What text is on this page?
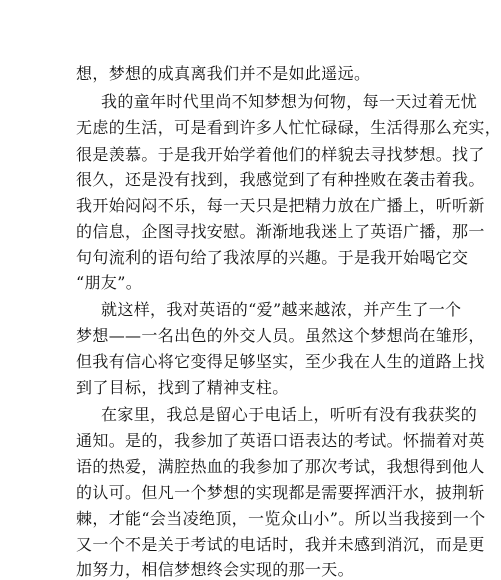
想，梦想的成真离我们并不是如此遥远。
我的童年时代里尚不知梦想为何物，每一天过着无忧
无虑的生活，可是看到许多人忙忙碌碌，生活得那么充实，
很是羡慕。于是我开始学着他们的样貌去寻找梦想。找了
很久，还是没有找到，我感觉到了有种挫败在袭击着我。
我开始闷闷不乐，每一天只是把精力放在广播上，听听新
的信息，企图寻找安慰。渐渐地我迷上了英语广播，那一
句句流利的语句给了我浓厚的兴趣。于是我开始喝它交
“朋友”。
就这样，我对英语的“爱”越来越浓，并产生了一个
梦想——一名出色的外交人员。虽然这个梦想尚在雏形，
但我有信心将它变得足够坚实，至少我在人生的道路上找
到了目标，找到了精神支柱。
在家里，我总是留心于电话上，听听有没有我获奖的
通知。是的，我参加了英语口语表达的考试。怀揣着对英
语的热爱，满腔热血的我参加了那次考试，我想得到他人
的认可。但凡一个梦想的实现都是需要挥洒汗水，披荆斩
棘，才能“会当凌绝顶，一览众山小”。所以当我接到一个
又一个不是关于考试的电话时，我并未感到消沉，而是更
加努力，相信梦想终会实现的那一天。
